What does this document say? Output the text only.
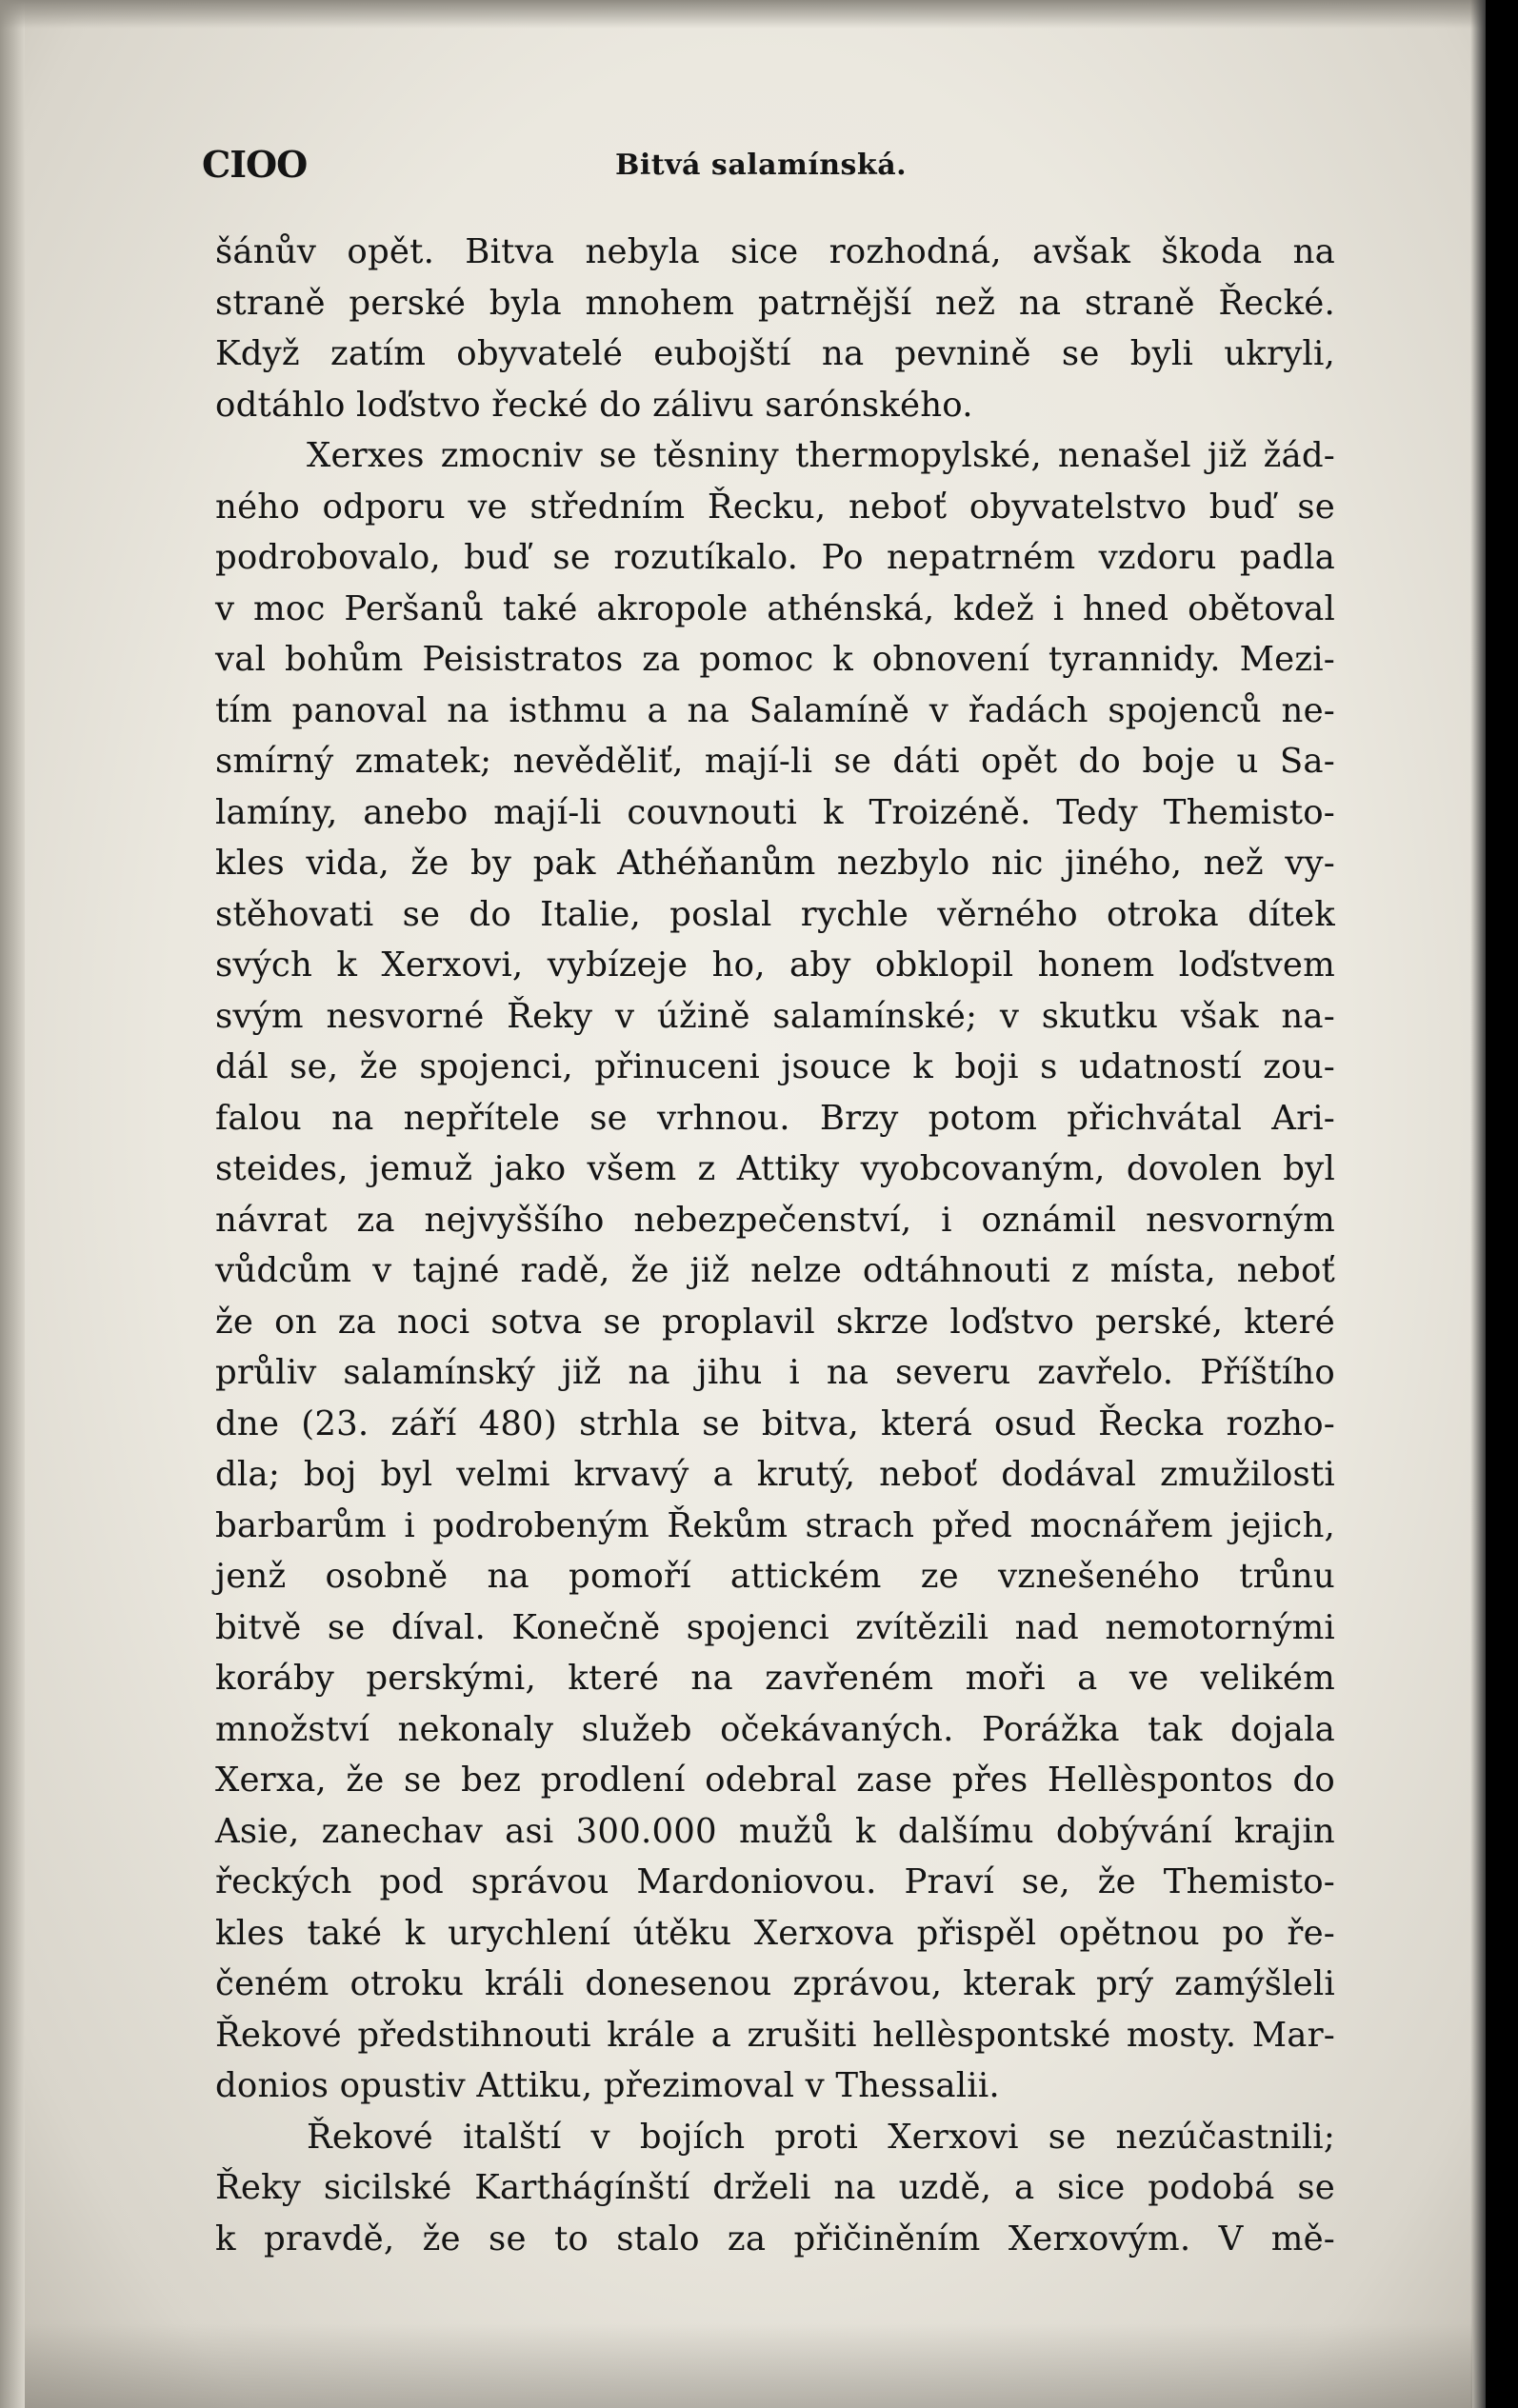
CIOO	Bitvá salamínská.
šánův opět. Bitva nebyla sice rozhodná, avšak škoda na
straně perské byla mnohem patrnější než na straně Řecké.
Když zatím obyvatelé eubojští na pevnině se byli ukryli,
odtáhlo loďstvo řecké do zálivu sarónského.
Xerxes zmocniv se těsniny thermopylské, nenašel již žád-
ného odporu ve středním Řecku, neboť obyvatelstvo buď se
podrobovalo, buď se rozutíkalo. Po nepatrném vzdoru padla
v moc Peršanů také akropole athénská, kdež i hned obětoval
val bohům Peisistratos za pomoc k obnovení tyrannidy. Mezi-
tím panoval na isthmu a na Salamíně v řadách spojenců ne-
smírný zmatek; nevěděliť, mají-li se dáti opět do boje u Sa-
lamíny, anebo mají-li couvnouti k Troizéně. Tedy Themisto-
kles vida, že by pak Athéňanům nezbylo nic jiného, než vy-
stěhovati se do Italie, poslal rychle věrného otroka dítek
svých k Xerxovi, vybízeje ho, aby obklopil honem loďstvem
svým nesvorné Řeky v úžině salamínské; v skutku však na-
dál se, že spojenci, přinuceni jsouce k boji s udatností zou-
falou na nepřítele se vrhnou. Brzy potom přichvátal Ari-
steides, jemuž jako všem z Attiky vyobcovaným, dovolen byl
návrat za nejvyššího nebezpečenství, i oznámil nesvorným
vůdcům v tajné radě, že již nelze odtáhnouti z místa, neboť
že on za noci sotva se proplavil skrze loďstvo perské, které
průliv salamínský již na jihu i na severu zavřelo. Příštího
dne (23. září 480) strhla se bitva, která osud Řecka rozho-
dla; boj byl velmi krvavý a krutý, neboť dodával zmužilosti
barbarům i podrobeným Řekům strach před mocnářem jejich,
jenž osobně na pomoří attickém ze vznešeného trůnu
bitvě se díval. Konečně spojenci zvítězili nad nemotornými
koráby perskými, které na zavřeném moři a ve velikém
množství nekonaly služeb očekávaných. Porážka tak dojala
Xerxa, že se bez prodlení odebral zase přes Hellèspontos do
Asie, zanechav asi 300.000 mužů k dalšímu dobývání krajin
řeckých pod správou Mardoniovou. Praví se, že Themisto-
kles také k urychlení útěku Xerxova přispěl opětnou po ře-
čeném otroku králi donesenou zprávou, kterak prý zamýšleli
Řekové předstihnouti krále a zrušiti hellèspontské mosty. Mar-
donios opustiv Attiku, přezimoval v Thessalii.
Řekové italští v bojích proti Xerxovi se nezúčastnili;
Řeky sicilské Karthágínští drželi na uzdě, a sice podobá se
k pravdě, že se to stalo za přičiněním Xerxovým. V mě-
